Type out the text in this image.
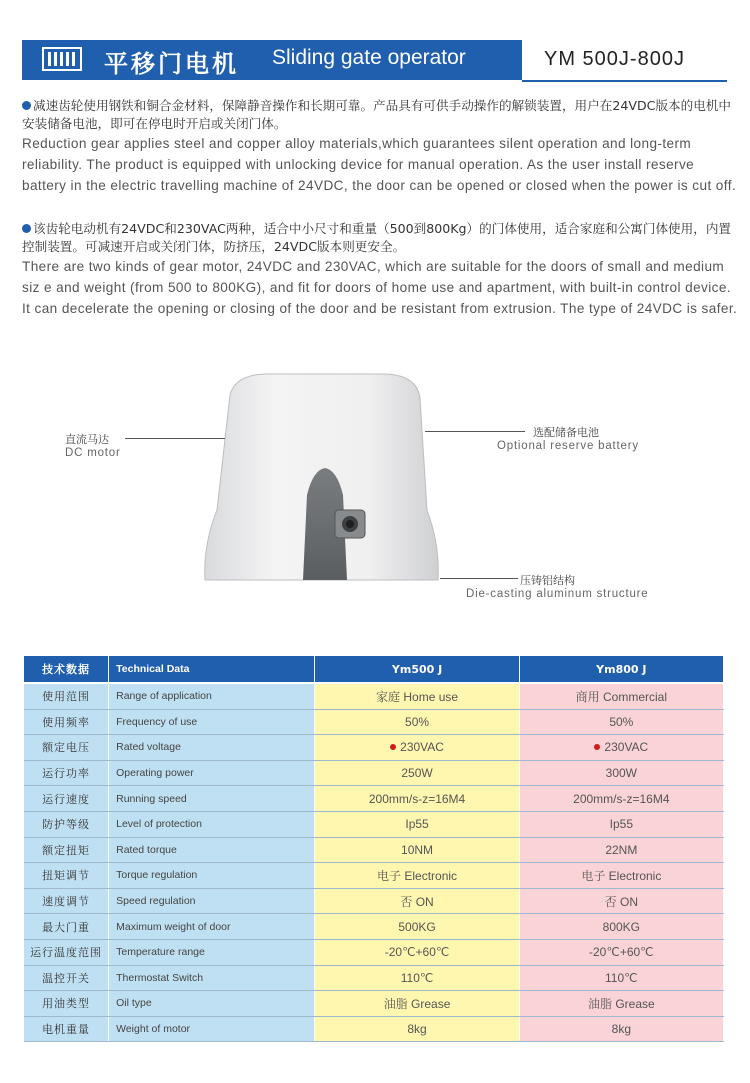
平移门电机 Sliding gate operator	YM 500J-800J
减速齿轮使用钢铁和铜合金材料，保障静音操作和长期可靠。产品具有可供手动操作的解锁装置，用户在24VDC版本的电机中安装储备电池，即可在停电时开启或关闭门体。
Reduction gear applies steel and copper alloy materials,which guarantees silent operation and long-term reliability. The product is equipped with unlocking device for manual operation. As the user install reserve battery in the electric travelling machine of 24VDC, the door can be opened or closed when the power is cut off.
该齿轮电动机有24VDC和230VAC两种，适合中小尺寸和重量（500到800Kg）的门体使用，适合家庭和公寓门体使用，内置控制装置。可减速开启或关闭门体，防挤压，24VDC版本则更安全。
There are two kinds of gear motor, 24VDC and 230VAC, which are suitable for the doors of small and medium siz e and weight (from 500 to 800KG), and fit for doors of home use and apartment, with built-in control device. It can decelerate the opening or closing of the door and be resistant from extrusion. The type of 24VDC is safer.
直流马达
DC motor
选配储备电池
Optional reserve battery
压铸铝结构
Die-casting aluminum structure
技术数据	Technical Data	Ym500 J	Ym800 J
使用范围	Range of application	家庭 Home use	商用 Commercial
使用频率	Frequency of use	50%	50%
额定电压	Rated voltage	230VAC	230VAC
运行功率	Operating power	250W	300W
运行速度	Running speed	200mm/s-z=16M4	200mm/s-z=16M4
防护等级	Level of protection	Ip55	Ip55
额定扭矩	Rated torque	10NM	22NM
扭矩调节	Torque regulation	电子 Electronic	电子 Electronic
速度调节	Speed regulation	否 ON	否 ON
最大门重	Maximum weight of door	500KG	800KG
运行温度范围	Temperature range	-20℃+60℃	-20℃+60℃
温控开关	Thermostat Switch	110℃	110℃
用油类型	Oil type	油脂 Grease	油脂 Grease
电机重量	Weight of motor	8kg	8kg
